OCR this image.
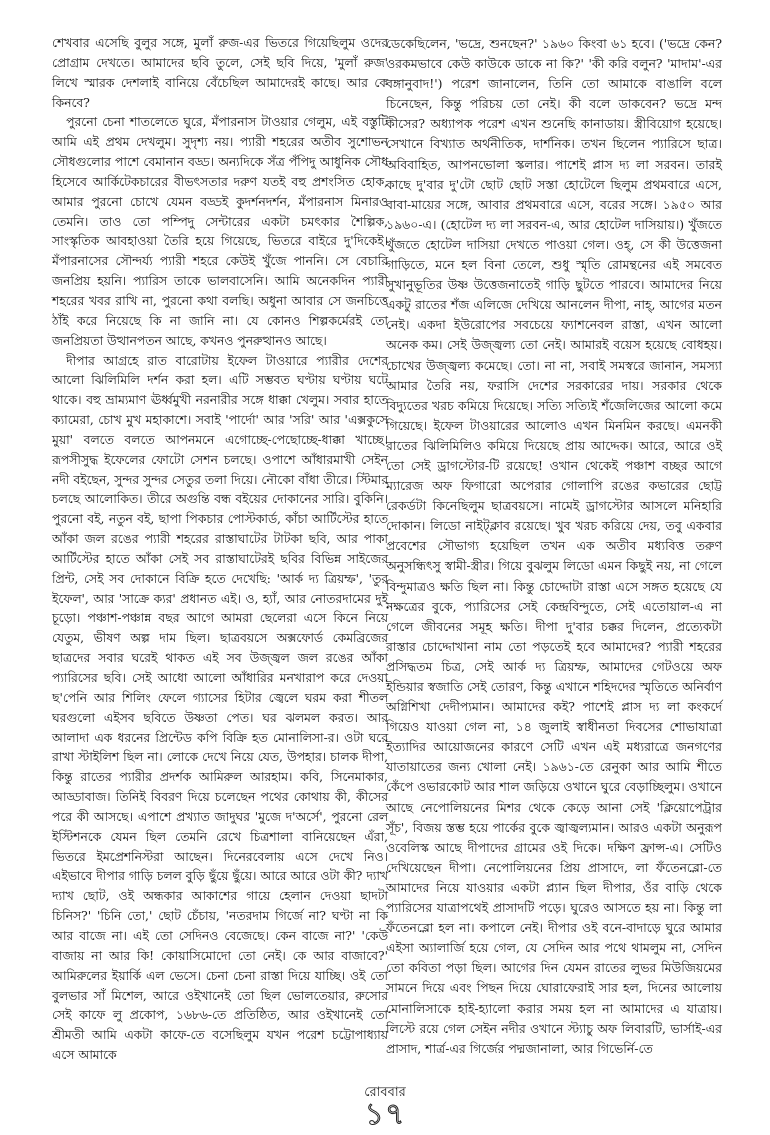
শেখবার এসেছি বুলুর সঙ্গে, মুলাঁ রুজ-এর ভিতরে গিয়েছিলুম ওদের প্রোগ্রাম দেখতে। আমাদের ছবি তুলে, সেই ছবি দিয়ে, 'মুলাঁ রুজ' লিখে স্মারক দেশলাই বানিয়ে বেঁচেছিল আমাদেরই কাছে। আর কে কিনবে?

পুরনো চেনা শাতলেতে ঘুরে, মঁপারনাস টাওয়ার গেলুম, এই বস্তুটি আমি এই প্রথম দেখলুম। সুদৃশ্য নয়। প্যারী শহরের অতীব সুশোভন সৌধগুলোর পাশে বেমানান বড্ড। অন্যদিকে সঁত্র পঁপিদু আধুনিক সৌধ হিসেবে আর্কিটেকচারের বীভৎসতার দরুণ যতই বহু প্রশংসিত হোক, আমার পুরনো চোখে যেমন বড্ডই কুদর্শনদর্শন, মঁপারনাস মিনারও তেমনি। তাও তো পম্পিদু সেন্টারের একটা চমৎকার শৈল্পিক, সাংস্কৃতিক আবহাওয়া তৈরি হয়ে গিয়েছে, ভিতরে বাইরে দু'দিকেই। মঁপারনাসের সৌন্দর্য্য প্যারী শহরে কেউই খুঁজে পাননি। সে বেচারি জনপ্রিয় হয়নি। প্যারিস তাকে ভালবাসেনি। আমি অনেকদিন প্যারী শহরের খবর রাখি না, পুরনো কথা বলছি। অধুনা আবার সে জনচিত্তে ঠাঁই করে নিয়েছে কি না জানি না। যে কোনও শিল্পকর্মেরই তো জনপ্রিয়তা উত্থানপতন আছে, কখনও পুনরুত্থানও আছে।

দীপার আগ্রহে রাত বারোটায় ইফেল টাওয়ারে প্যারীর দেশের আলো ঝিলিমিলি দর্শন করা হল। এটি সম্ভবত ঘণ্টায় ঘণ্টায় ঘটে থাকে। বহু ভ্রাম্যমাণ ঊর্ধ্বমুখী নরনারীর সঙ্গে ধাক্কা খেলুম। সবার হাতে ক্যামেরা, চোখ মুখ মহাকাশে। সবাই 'পার্দো' আর 'সরি' আর 'এক্সকুসে মুয়া' বলতে বলতে আপনমনে এগোচ্ছে-পেছোচ্ছে-ধাক্কা খাচ্ছে। রূপসীসুদ্ধ ইফেলের ফোটো সেশন চলছে। ওপাশে আঁধারমাখী সেইন নদী বইছেন, সুন্দর সুন্দর সেতুর তলা দিয়ে। নৌকো বাঁধা তীরে। স্টিমার চলছে আলোকিত। তীরে অগুন্তি বন্ধ বইয়ের দোকানের সারি। বুকিনি। পুরনো বই, নতুন বই, ছাপা পিকচার পোস্টকার্ড, কাঁচা আর্টিস্টের হাতে আঁকা জল রঙের প্যারী শহরের রাস্তাঘাটের টাটকা ছবি, আর পাকা আর্টিস্টের হাতে আঁকা সেই সব রাস্তাঘাটেরই ছবির বিভিন্ন সাইজের প্রিন্ট, সেই সব দোকানে বিক্রি হতে দেখেছি: 'আর্ক দ্য ত্রিয়ম্ফ', 'তুর ইফেল', আর 'সাক্রে ক্যর' প্রধানত এই। ও, হ্যাঁ, আর নোতরদামের দুই চূড়ো। পঞ্চাশ-পঞ্চান্ন বছর আগে আমরা ছেলেরা এসে কিনে নিয়ে যেতুম, ভীষণ অল্প দাম ছিল। ছাত্রবয়সে অক্সফোর্ড কেমব্রিজের ছাত্রদের সবার ঘরেই থাকত এই সব উজ্জ্বল জল রঙের আঁকা প্যারিসের ছবি। সেই আধো আলো আঁধারির মনখারাপ করে দেওয়া ছ'পেনি আর শিলিং ফেলে গ্যাসের হিটার জ্বেলে ঘরম করা শীতল ঘরগুলো এইসব ছবিতে উষ্ণতা পেত। ঘর ঝলমল করত। আর আলাদা এক ধরনের প্রিন্টেড কপি বিক্রি হত মোনালিসা-র। ওটা ঘরে রাখা স্টাইলিশ ছিল না। লোকে দেখে নিয়ে যেত, উপহার। চালক দীপা, কিন্তু রাতের প্যারীর প্রদর্শক আমিরুল আরহাম। কবি, সিনেমাকার, আড্ডাবাজ। তিনিই বিবরণ দিয়ে চলেছেন পথের কোথায় কী, কীসের পরে কী আসছে। এপাশে প্রখ্যাত জাদুঘর 'মুজে দ'অর্সে', পুরনো রেল ইস্টিশনকে যেমন ছিল তেমনি রেখে চিত্রশালা বানিয়েছেন এঁরা, ভিতরে ইমপ্রেশনিস্টরা আছেন। দিনেরবেলায় এসে দেখে নিও। এইভাবে দীপার গাড়ি চলল বুড়ি ছুঁয়ে ছুঁয়ে। আরে আরে ওটা কী? দ্যাখ দ্যাখ ছোট, ওই অন্ধকার আকাশের গায়ে হেলান দেওয়া ছাদটা চিনিস?' 'চিনি তো,' ছোট চেঁচায়, 'নতরদাম গির্জে না? ঘণ্টা না কি আর বাজে না। এই তো সেদিনও বেজেছে। কেন বাজে না?' 'কেউ বাজায় না আর কি! কোয়াসিমোদো তো নেই। কে আর বাজাবে?' আমিরুলের ইয়ার্কি এল ভেসে। চেনা চেনা রাস্তা দিয়ে যাচ্ছি। ওই তো বুলভার সাঁ মিশেল, আরে ওইখানেই তো ছিল ভোলতেয়ার, রুসোর সেই কাফে লু প্রকোপ, ১৬৮৬-তে প্রতিষ্ঠিত, আর ওইখানেই তো শ্রীমতী আমি একটা কাফে-তে বসেছিলুম যখন পরেশ চট্টোপাধ্যায় এসে আমাকে

ডেকেছিলেন, 'ভদ্রে, শুনছেন?' ১৯৬০ কিংবা ৬১ হবে। ('ভদ্রে কেন? ওরকমভাবে কেউ কাউকে ডাকে না কি?' 'কী করি বলুন? 'মাদাম'-এর বঙ্গানুবাদ!') পরেশ জানালেন, তিনি তো আমাকে বাঙালি বলে চিনেছেন, কিন্তু পরিচয় তো নেই। কী বলে ডাকবেন? ভদ্রে মন্দ কীসের? অধ্যাপক পরেশ এখন শুনেছি কানাডায়। স্ত্রীবিয়োগ হয়েছে। সেখানে বিখ্যাত অর্থনীতিক, দার্শনিক। তখন ছিলেন প্যারিসে ছাত্র। অবিবাহিত, আপনভোলা স্কলার। পাশেই প্লাস দ্য লা সরবন। তারই কাছে দু'বার দু'টো ছোট ছোট সস্তা হোটেলে ছিলুম প্রথমবারে এসে, বাবা-মায়ের সঙ্গে, আবার প্রথমবারে এসে, বরের সঙ্গে। ১৯৫০ আর ১৯৬০-এ। (হোটেল দ্য লা সরবন-এ, আর হোটেল দাসিয়ায়।) খুঁজতে খুঁজতে হোটেল দাসিয়া দেখতে পাওয়া গেল। ওহ্, সে কী উত্তেজনা গাড়িতে, মনে হল বিনা তেলে, শুধু স্মৃতি রোমন্থনের এই সমবেত সুখানুভূতির উষ্ণ উত্তেজনাতেই গাড়ি ছুটতে পারবে। আমাদের নিয়ে একটু রাতের শঁজ এলিজে দেখিয়ে আনলেন দীপা, নাহ্, আগের মতন নেই। একদা ইউরোপের সবচেয়ে ফ্যাশনেবল রাস্তা, এখন আলো অনেক কম। সেই উজ্জ্বল্য তো নেই। আমারই বয়েস হয়েছে বোধহয়। চোখের উজ্জ্বল্য কমেছে। তো। না না, সবাই সমস্বরে জানান, সমস্যা আমার তৈরি নয়, ফরাসি দেশের সরকারের দায়। সরকার থেকে বিদ্যুতের খরচ কমিয়ে দিয়েছে। সত্যি সত্যিই শঁজেলিজের আলো কমে গিয়েছে। ইফেল টাওয়ারের আলোও এখন মিনমিন করছে। এমনকী রাতের ঝিলিমিলিও কমিয়ে দিয়েছে প্রায় আদ্দেক। আরে, আরে ওই তো সেই ড্রাগস্টোর-টি রয়েছে! ওখান থেকেই পঞ্চাশ বচ্ছর আগে ম্যারেজ অফ ফিগারো অপেরার গোলাপি রঙের কভারের ছোট্ট রেকর্ডটা কিনেছিলুম ছাত্রবয়সে। নামেই ড্রাগস্টোর আসলে মনিহারি দোকান। লিডো নাইট্ক্লাব রয়েছে। খুব খরচ করিয়ে দেয়, তবু একবার প্রবেশের সৌভাগ্য হয়েছিল তখন এক অতীব মধ্যবিত্ত তরুণ অনুসন্ধিৎসু স্বামী-স্ত্রীর। গিয়ে বুঝলুম লিডো এমন কিছুই নয়, না গেলে বিন্দুমাত্রও ক্ষতি ছিল না। কিন্তু চোদ্দোটা রাস্তা এসে সঙ্গত হয়েছে যে নক্ষত্রের বুকে, প্যারিসের সেই কেন্দ্রবিন্দুতে, সেই এতোয়াল-এ না গেলে জীবনের সমূহ ক্ষতি। দীপা দু'বার চক্কর দিলেন, প্রত্যেকটা রাস্তার চোদ্দোখানা নাম তো পড়তেই হবে আমাদের? প্যারী শহরের প্রসিদ্ধতম চিত্র, সেই আর্ক দ্য ত্রিয়ম্ফ, আমাদের গেটওয়ে অফ ইন্ডিয়ার স্বজাতি সেই তোরণ, কিন্তু এখানে শহিদদের স্মৃতিতে অনির্বাণ অগ্নিশিখা দেদীপ্যমান। আমাদের কই? পাশেই প্লাস দ্য লা কংকর্দে গিয়েও যাওয়া গেল না, ১৪ জুলাই স্বাধীনতা দিবসের শোভাযাত্রা ইত্যাদির আয়োজনের কারণে সেটি এখন এই মধ্যরাত্রে জনগণের যাতায়াতের জন্য খোলা নেই। ১৯৬১-তে রেনুকা আর আমি শীতে কেঁপে ওভারকোট আর শাল জড়িয়ে ওখানে ঘুরে বেড়াচ্ছিলুম। ওখানে আছে নেপোলিয়নের মিশর থেকে কেড়ে আনা সেই 'ক্লিয়োপেট্রার সূঁচ', বিজয় স্তম্ভ হয়ে পার্কের বুকে জ্বাজ্বল্যমান। আরও একটা অনুরূপ ওবেলিস্ক আছে দীপাদের গ্রামের ওই দিকে। দক্ষিণ ফ্রান্স-এ। সেটিও দেখিয়েছেন দীপা। নেপোলিয়নের প্রিয় প্রাসাদে, লা ফঁতেনব্লো-তে আমাদের নিয়ে যাওয়ার একটা প্ল্যান ছিল দীপার, ওঁর বাড়ি থেকে প্যারিসের যাত্রাপথেই প্রাসাদটি পড়ে। ঘুরেও আসতে হয় না। কিন্তু লা ফঁতেনব্লো হল না। কপালে নেই। দীপার ওই বনে-বাদাড়ে ঘুরে আমার এইসা অ্যালার্জি হয়ে গেল, যে সেদিন আর পথে থামলুম না, সেদিন তো কবিতা পড়া ছিল। আগের দিন যেমন রাতের লুভর মিউজিয়মের সামনে দিয়ে এবং পিছন দিয়ে ঘোরাফেরাই সার হল, দিনের আলোয় মোনালিসাকে হাই-হ্যালো করার সময় হল না আমাদের এ যাত্রায়। লিস্টে রয়ে গেল সেইন নদীর ওখানে স্ট্যাচু অফ লিবারটি, ভার্সাই-এর প্রাসাদ, শার্ত্র-এর গির্জের পদ্মজানালা, আর গিভের্নি-তে

রোববার
১৭
